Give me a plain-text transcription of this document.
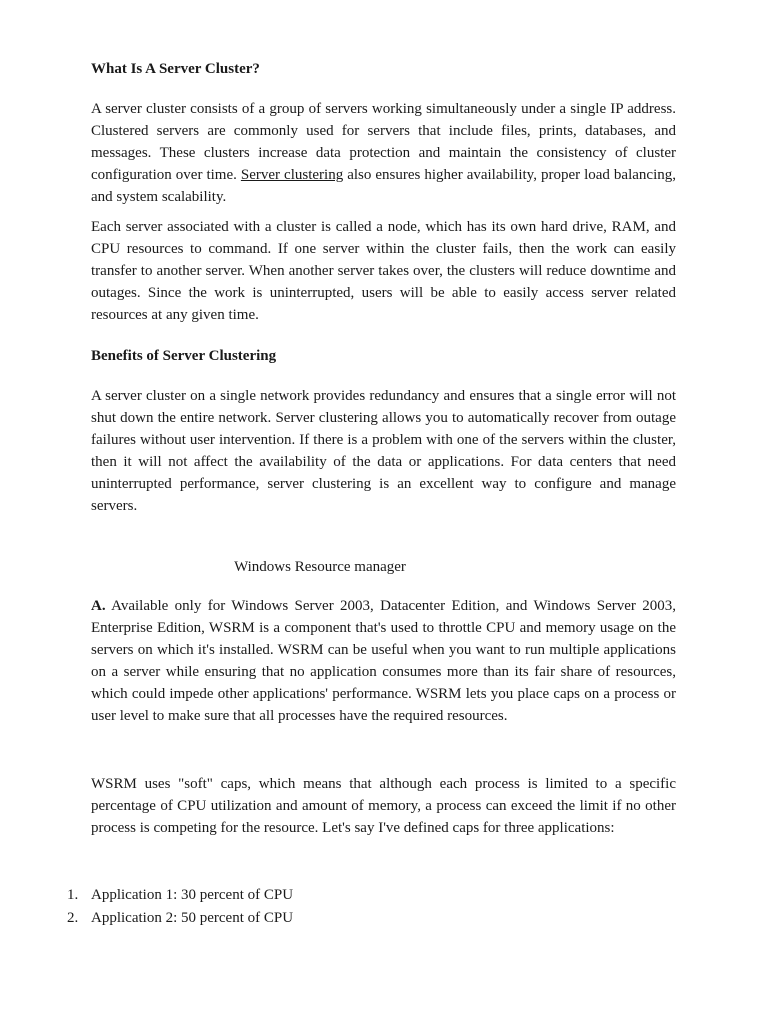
What Is A Server Cluster?

A server cluster consists of a group of servers working simultaneously under a single IP address. Clustered servers are commonly used for servers that include files, prints, databases, and messages. These clusters increase data protection and maintain the consistency of cluster configuration over time. Server clustering also ensures higher availability, proper load balancing, and system scalability.

Each server associated with a cluster is called a node, which has its own hard drive, RAM, and CPU resources to command. If one server within the cluster fails, then the work can easily transfer to another server. When another server takes over, the clusters will reduce downtime and outages. Since the work is uninterrupted, users will be able to easily access server related resources at any given time.

Benefits of Server Clustering

A server cluster on a single network provides redundancy and ensures that a single error will not shut down the entire network. Server clustering allows you to automatically recover from outage failures without user intervention. If there is a problem with one of the servers within the cluster, then it will not affect the availability of the data or applications. For data centers that need uninterrupted performance, server clustering is an excellent way to configure and manage servers.

Windows Resource manager

A. Available only for Windows Server 2003, Datacenter Edition, and Windows Server 2003, Enterprise Edition, WSRM is a component that's used to throttle CPU and memory usage on the servers on which it's installed. WSRM can be useful when you want to run multiple applications on a server while ensuring that no application consumes more than its fair share of resources, which could impede other applications' performance. WSRM lets you place caps on a process or user level to make sure that all processes have the required resources.

WSRM uses "soft" caps, which means that although each process is limited to a specific percentage of CPU utilization and amount of memory, a process can exceed the limit if no other process is competing for the resource. Let's say I've defined caps for three applications:

1. Application 1: 30 percent of CPU
2. Application 2: 50 percent of CPU
